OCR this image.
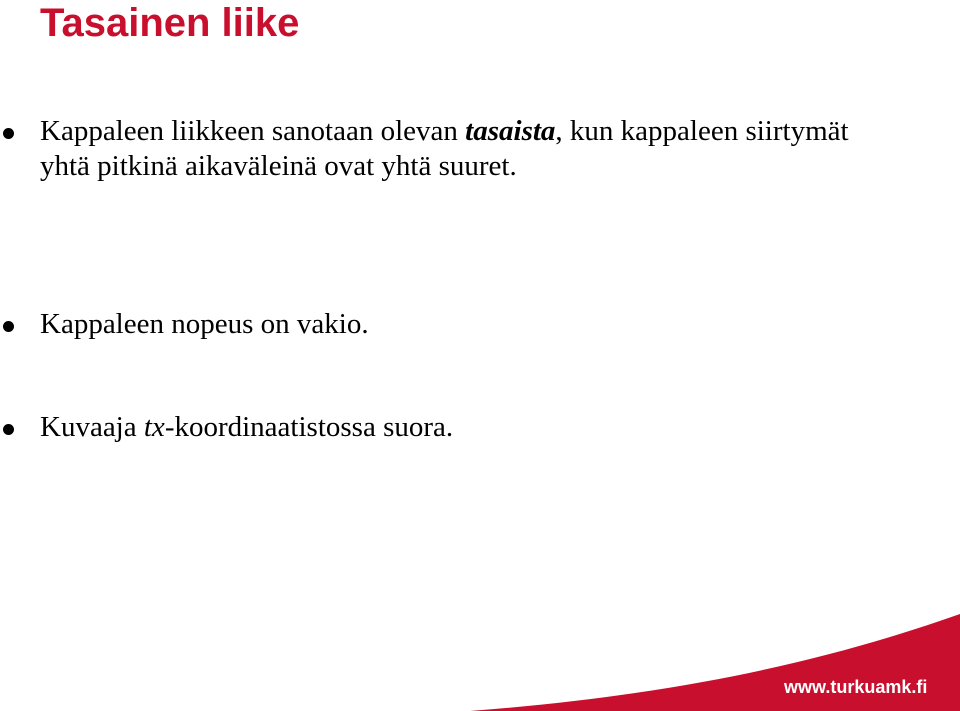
Tasainen liike
Kappaleen liikkeen sanotaan olevan tasaista, kun kappaleen siirtymät yhtä pitkinä aikaväleinä ovat yhtä suuret.
Kappaleen nopeus on vakio.
Kuvaaja tx-koordinaatistossa suora.
www.turkuamk.fi
